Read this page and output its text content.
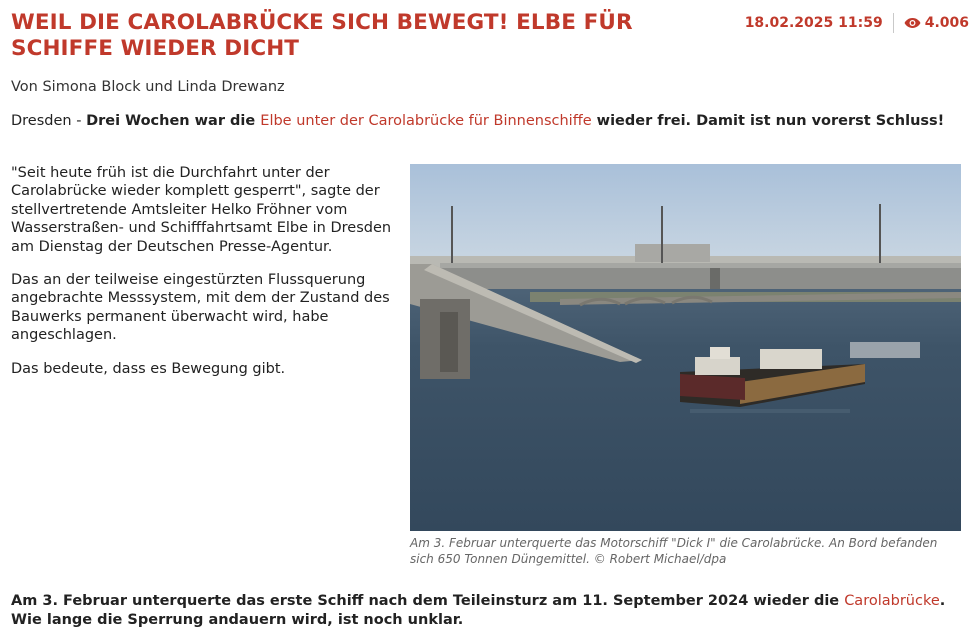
WEIL DIE CAROLABRÜCKE SICH BEWEGT! ELBE FÜR SCHIFFE WIEDER DICHT
18.02.2025 11:59	4.006
Von Simona Block und Linda Drewanz
Dresden - Drei Wochen war die Elbe unter der Carolabrücke für Binnenschiffe wieder frei. Damit ist nun vorerst Schluss!

"Seit heute früh ist die Durchfahrt unter der Carolabrücke wieder komplett gesperrt", sagte der stellvertretende Amtsleiter Helko Fröhner vom Wasserstraßen- und Schifffahrtsamt Elbe in Dresden am Dienstag der Deutschen Presse-Agentur.

Das an der teilweise eingestürzten Flussquerung angebrachte Messsystem, mit dem der Zustand des Bauwerks permanent überwacht wird, habe angeschlagen.

Das bedeute, dass es Bewegung gibt.

Am 3. Februar unterquerte das Motorschiff "Dick I" die Carolabrücke. An Bord befanden sich 650 Tonnen Düngemittel. © Robert Michael/dpa
Am 3. Februar unterquerte das erste Schiff nach dem Teileinsturz am 11. September 2024 wieder die Carolabrücke. Wie lange die Sperrung andauern wird, ist noch unklar.
